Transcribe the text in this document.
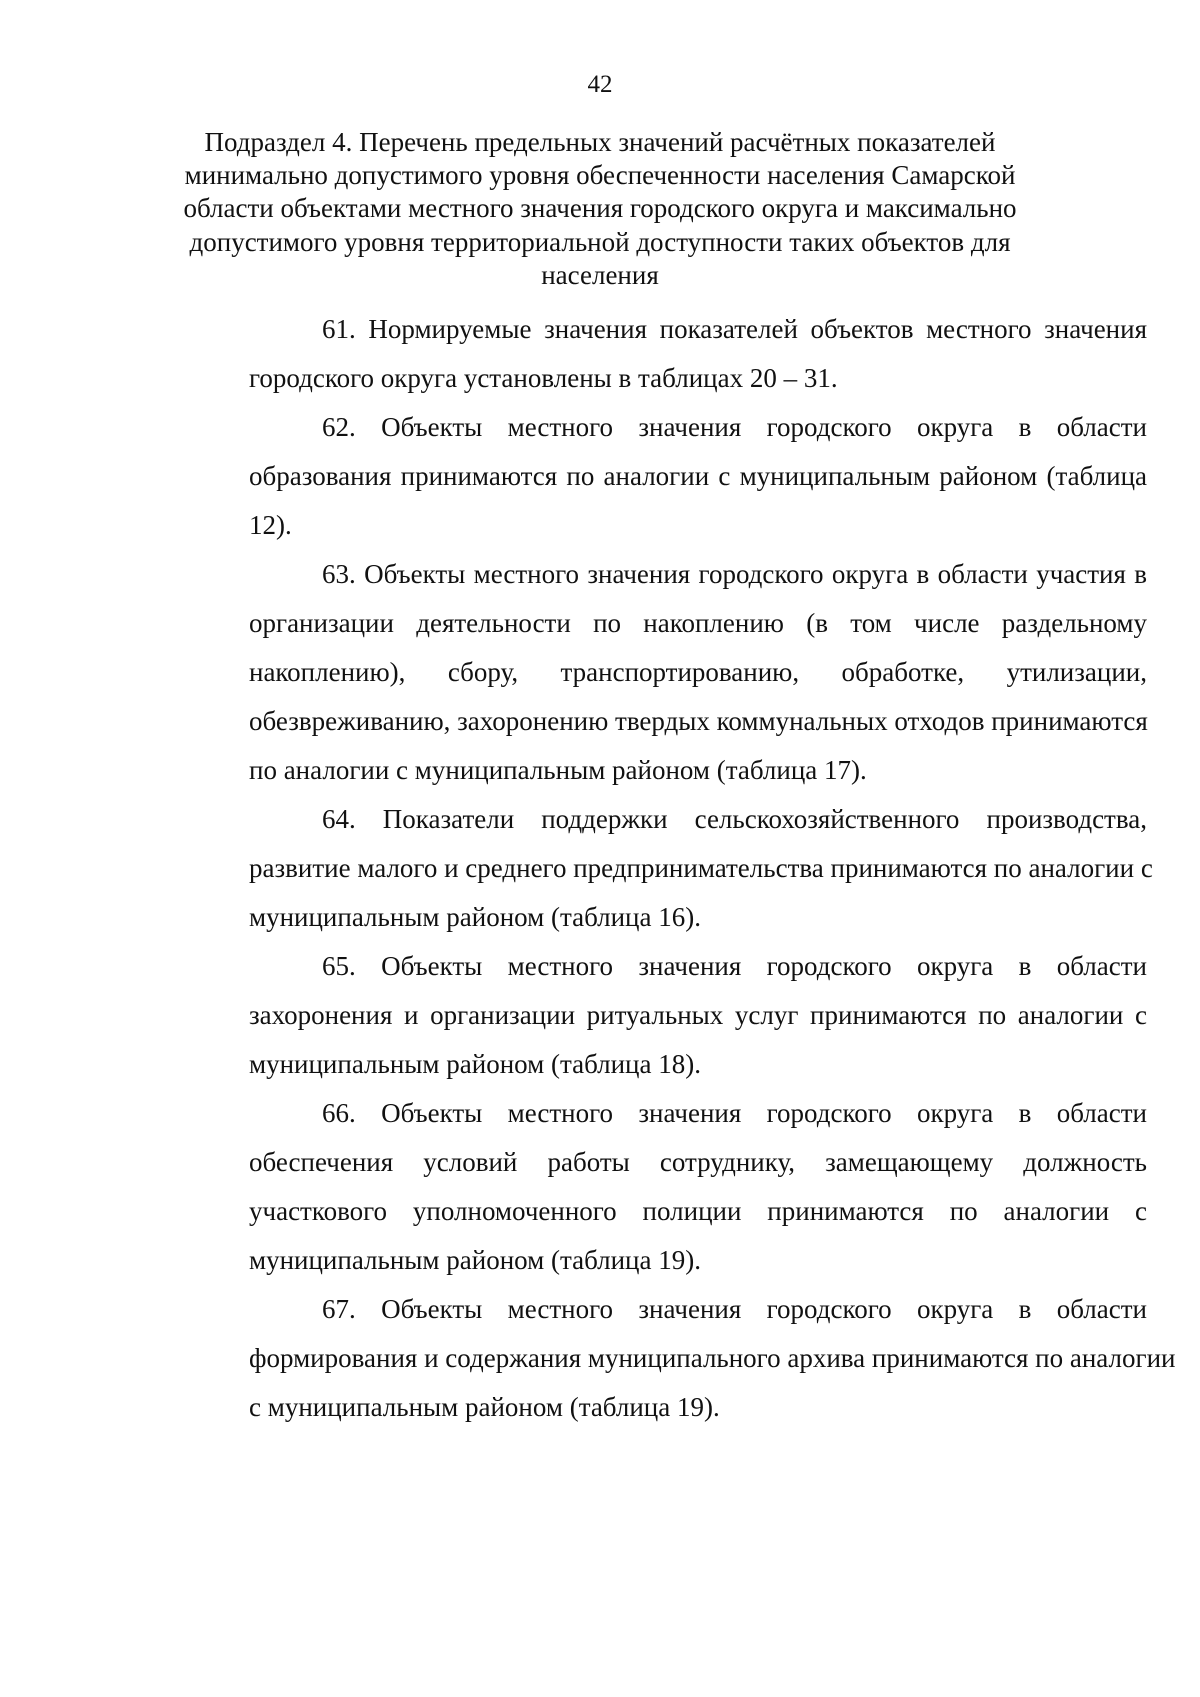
42
Подраздел 4. Перечень предельных значений расчётных показателей
минимально допустимого уровня обеспеченности населения Самарской
области объектами местного значения городского округа и максимально
допустимого уровня территориальной доступности таких объектов для
населения
61. Нормируемые значения показателей объектов местного значения
городского округа установлены в таблицах 20 – 31.
62. Объекты местного значения городского округа в области
образования принимаются по аналогии с муниципальным районом (таблица
12).
63. Объекты местного значения городского округа в области участия в
организации деятельности по накоплению (в том числе раздельному
накоплению), сбору, транспортированию, обработке, утилизации,
обезвреживанию, захоронению твердых коммунальных отходов принимаются
по аналогии с муниципальным районом (таблица 17).
64. Показатели поддержки сельскохозяйственного производства,
развитие малого и среднего предпринимательства принимаются по аналогии с
муниципальным районом (таблица 16).
65. Объекты местного значения городского округа в области
захоронения и организации ритуальных услуг принимаются по аналогии с
муниципальным районом (таблица 18).
66. Объекты местного значения городского округа в области
обеспечения условий работы сотруднику, замещающему должность
участкового уполномоченного полиции принимаются по аналогии с
муниципальным районом (таблица 19).
67. Объекты местного значения городского округа в области
формирования и содержания муниципального архива принимаются по аналогии
с муниципальным районом (таблица 19).
